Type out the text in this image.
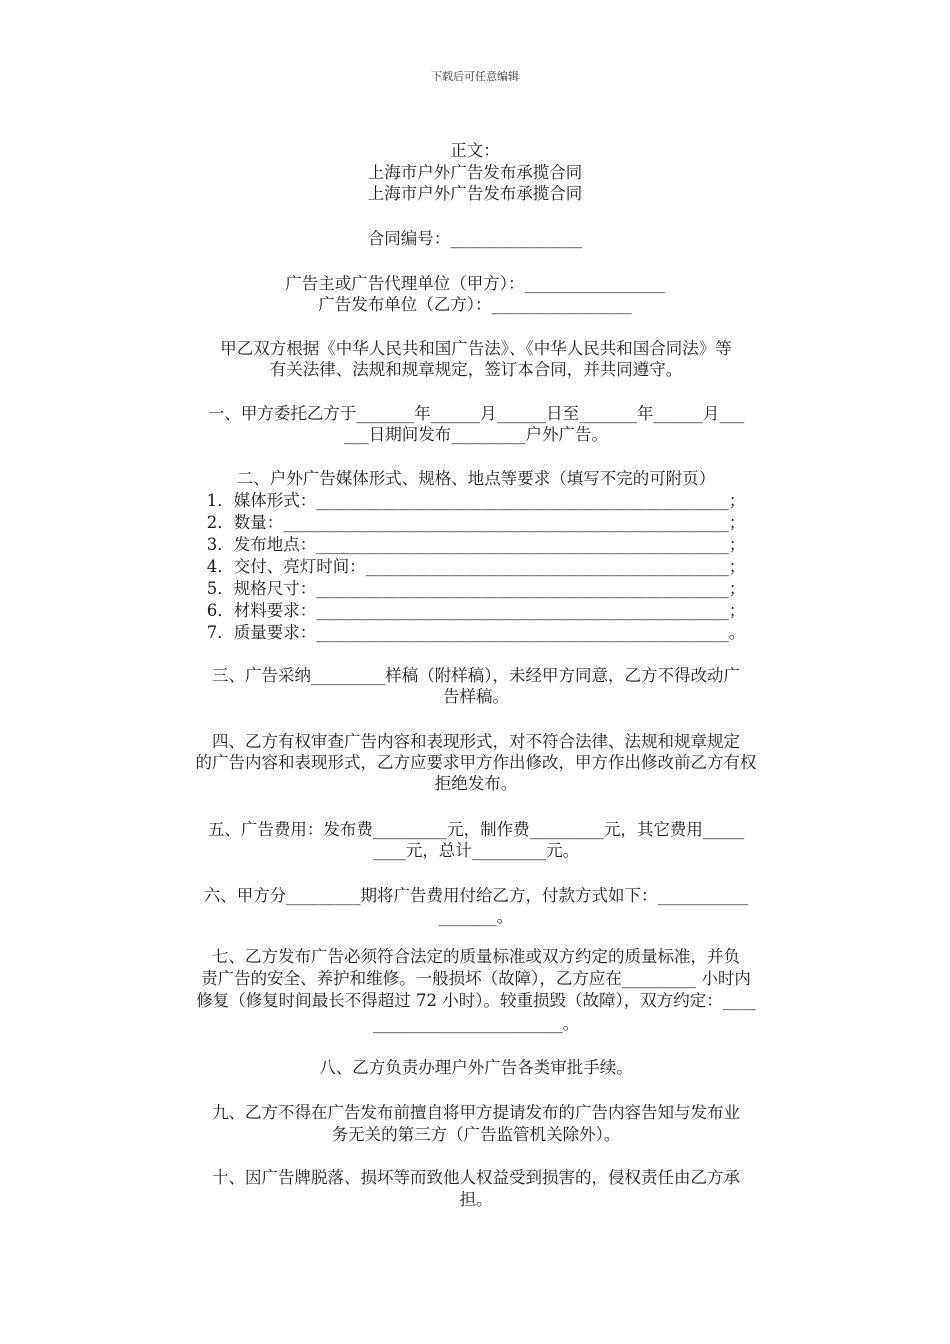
下载后可任意编辑
正文：
上海市户外广告发布承揽合同
上海市户外广告发布承揽合同
合同编号：________________
广告主或广告代理单位（甲方）：_________________
广告发布单位（乙方）：_________________
甲乙双方根据《中华人民共和国广告法》、《中华人民共和国合同法》等
有关法律、法规和规章规定，签订本合同，并共同遵守。
一、甲方委托乙方于_______年______月______日至_______年______月___
___日期间发布_________户外广告。
二、户外广告媒体形式、规格、地点等要求（填写不完的可附页）
1．媒体形式：__________________________________________________；
2．数量：______________________________________________________；
3．发布地点：__________________________________________________；
4．交付、亮灯时间：____________________________________________；
5．规格尺寸：__________________________________________________；
6．材料要求：__________________________________________________；
7．质量要求：__________________________________________________。
三、广告采纳_________样稿（附样稿），未经甲方同意，乙方不得改动广
告样稿。
四、乙方有权审查广告内容和表现形式，对不符合法律、法规和规章规定
的广告内容和表现形式，乙方应要求甲方作出修改，甲方作出修改前乙方有权
拒绝发布。
五、广告费用：发布费_________元，制作费_________元，其它费用_____
____元，总计_________元。
六、甲方分_________期将广告费用付给乙方，付款方式如下：___________
_______。
七、乙方发布广告必须符合法定的质量标准或双方约定的质量标准，并负
责广告的安全、养护和维修。一般损坏（故障），乙方应在_________ 小时内
修复（修复时间最长不得超过 72 小时）。较重损毁（故障），双方约定：____
_______________________。
八、乙方负责办理户外广告各类审批手续。
九、乙方不得在广告发布前擅自将甲方提请发布的广告内容告知与发布业
务无关的第三方（广告监管机关除外）。
十、因广告牌脱落、损坏等而致他人权益受到损害的，侵权责任由乙方承
担。
